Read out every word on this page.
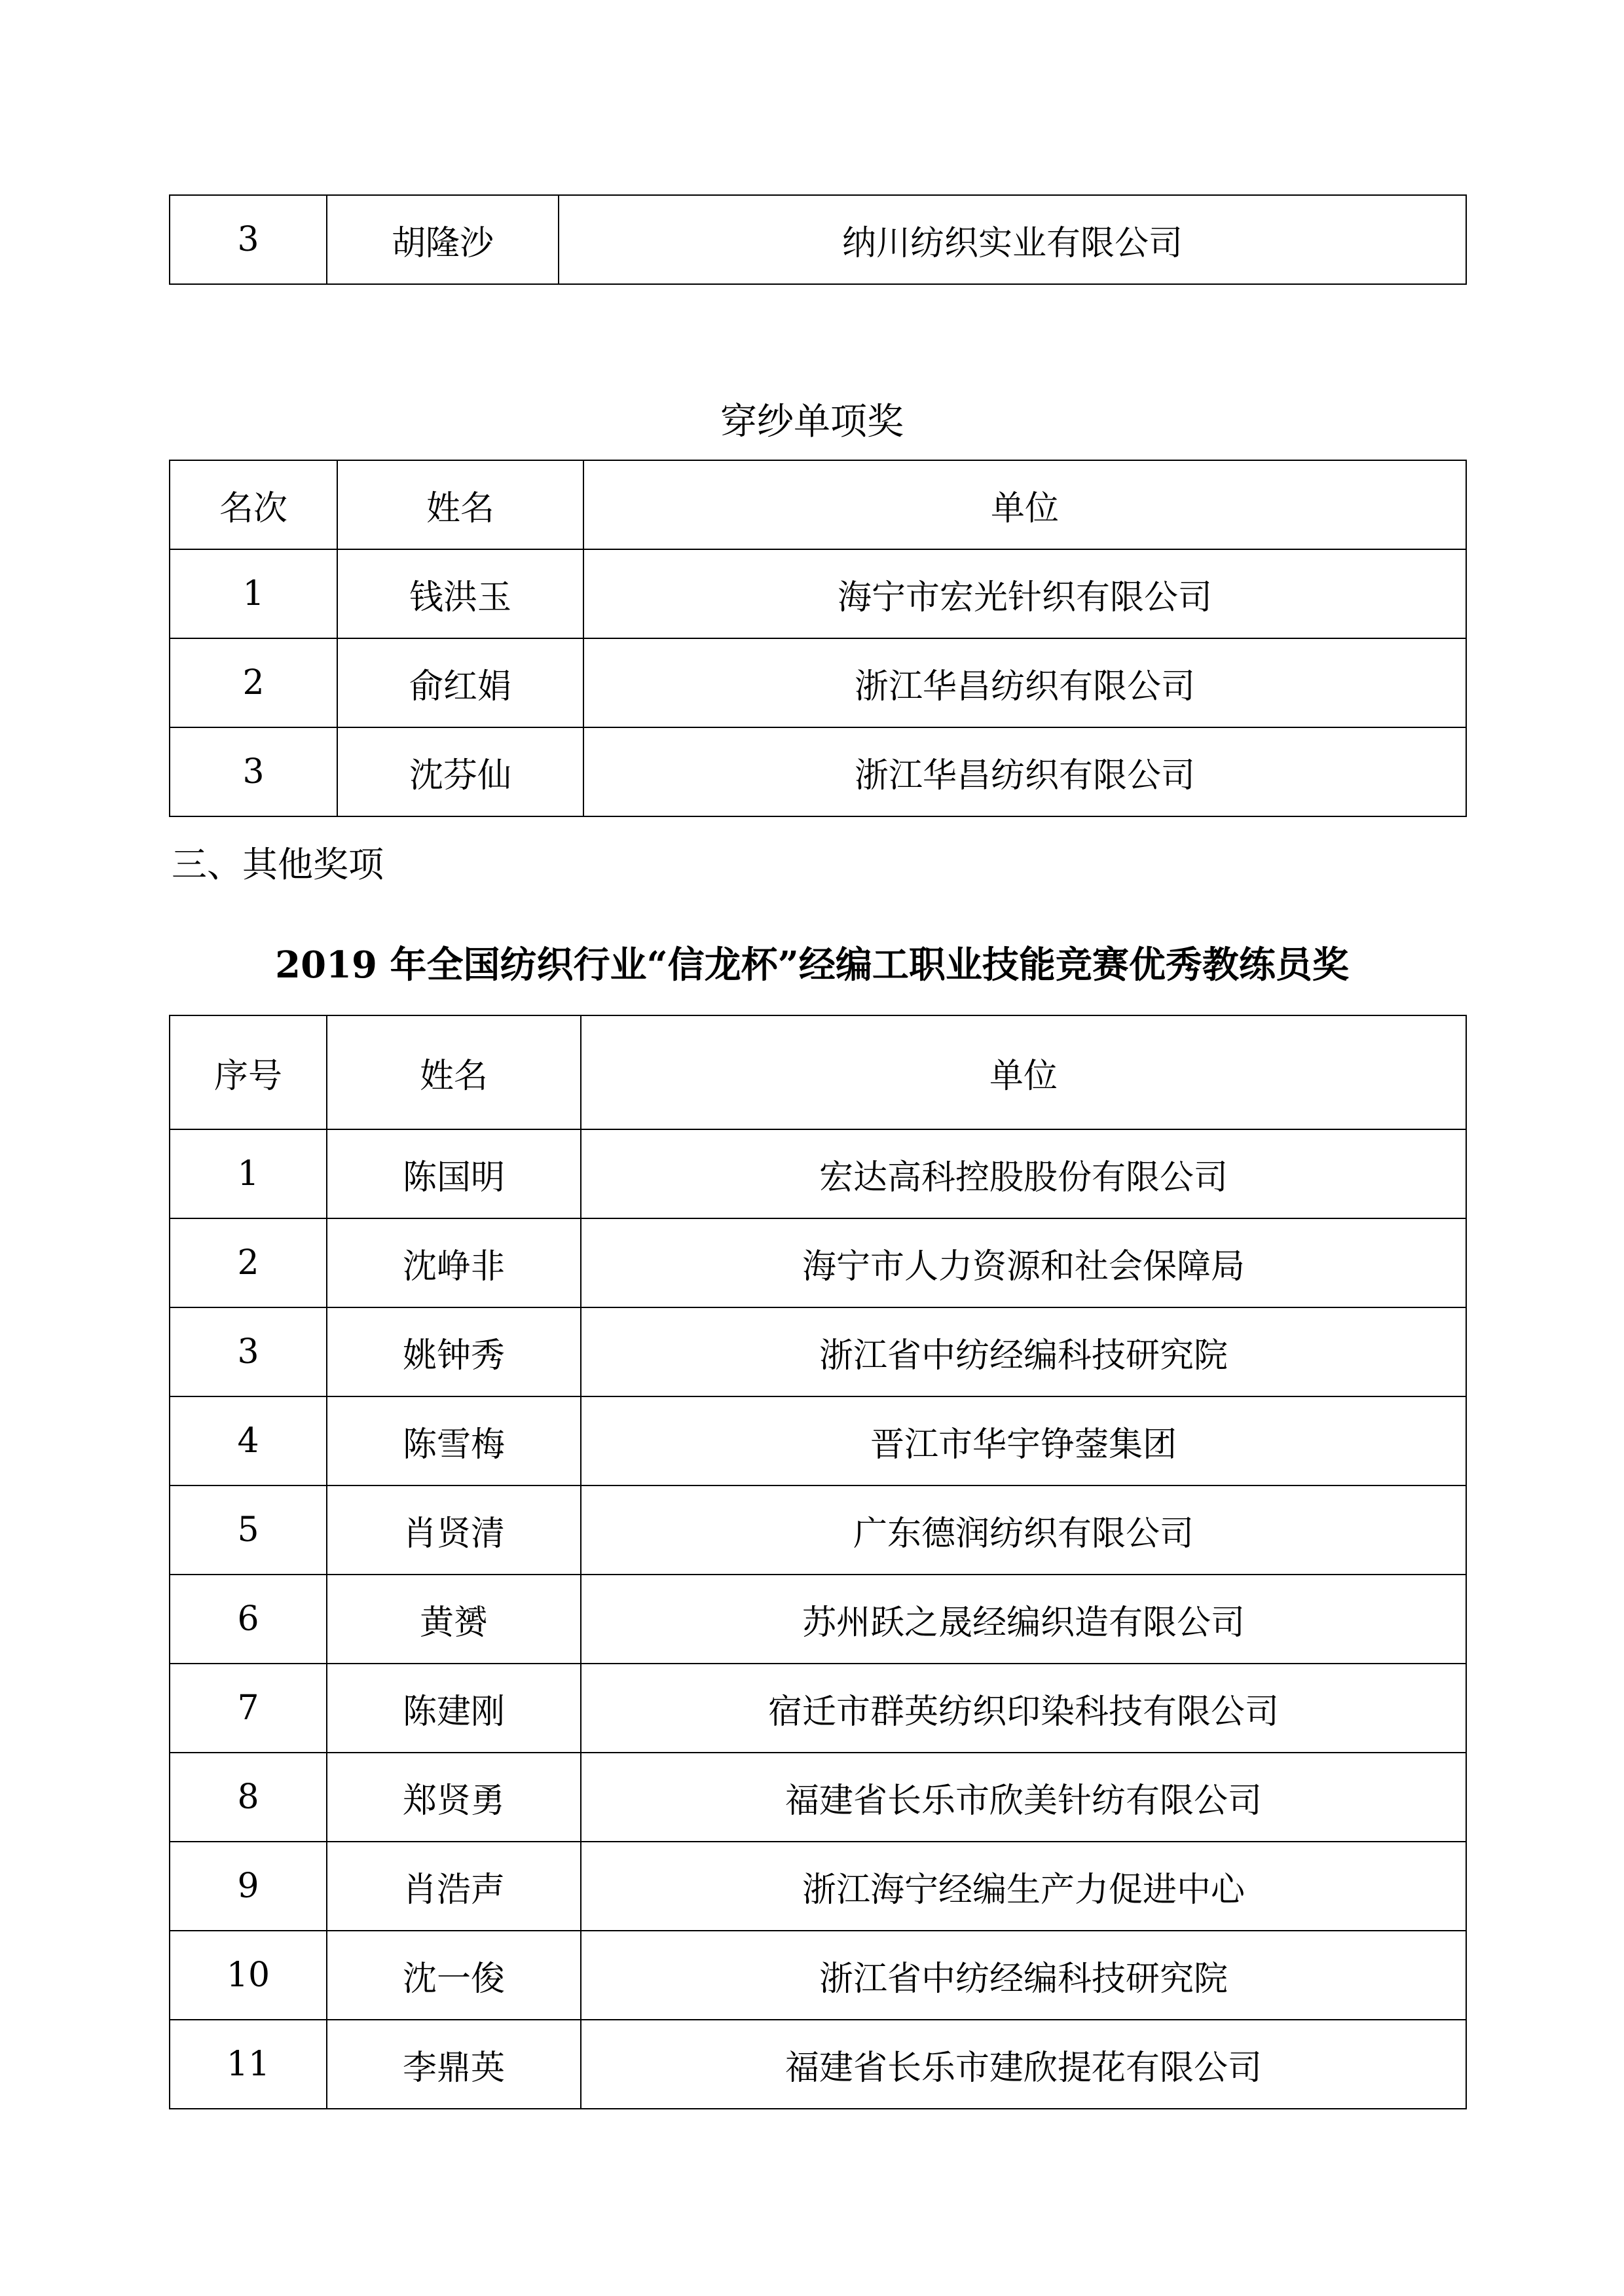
3	胡隆沙	纳川纺织实业有限公司
穿纱单项奖
名次	姓名	单位
1	钱洪玉	海宁市宏光针织有限公司
2	俞红娟	浙江华昌纺织有限公司
3	沈芬仙	浙江华昌纺织有限公司
三、其他奖项
2019 年全国纺织行业“信龙杯”经编工职业技能竞赛优秀教练员奖
序号	姓名	单位
1	陈国明	宏达高科控股股份有限公司
2	沈峥非	海宁市人力资源和社会保障局
3	姚钟秀	浙江省中纺经编科技研究院
4	陈雪梅	晋江市华宇铮蓥集团
5	肖贤清	广东德润纺织有限公司
6	黄赟	苏州跃之晟经编织造有限公司
7	陈建刚	宿迁市群英纺织印染科技有限公司
8	郑贤勇	福建省长乐市欣美针纺有限公司
9	肖浩声	浙江海宁经编生产力促进中心
10	沈一俊	浙江省中纺经编科技研究院
11	李鼎英	福建省长乐市建欣提花有限公司
